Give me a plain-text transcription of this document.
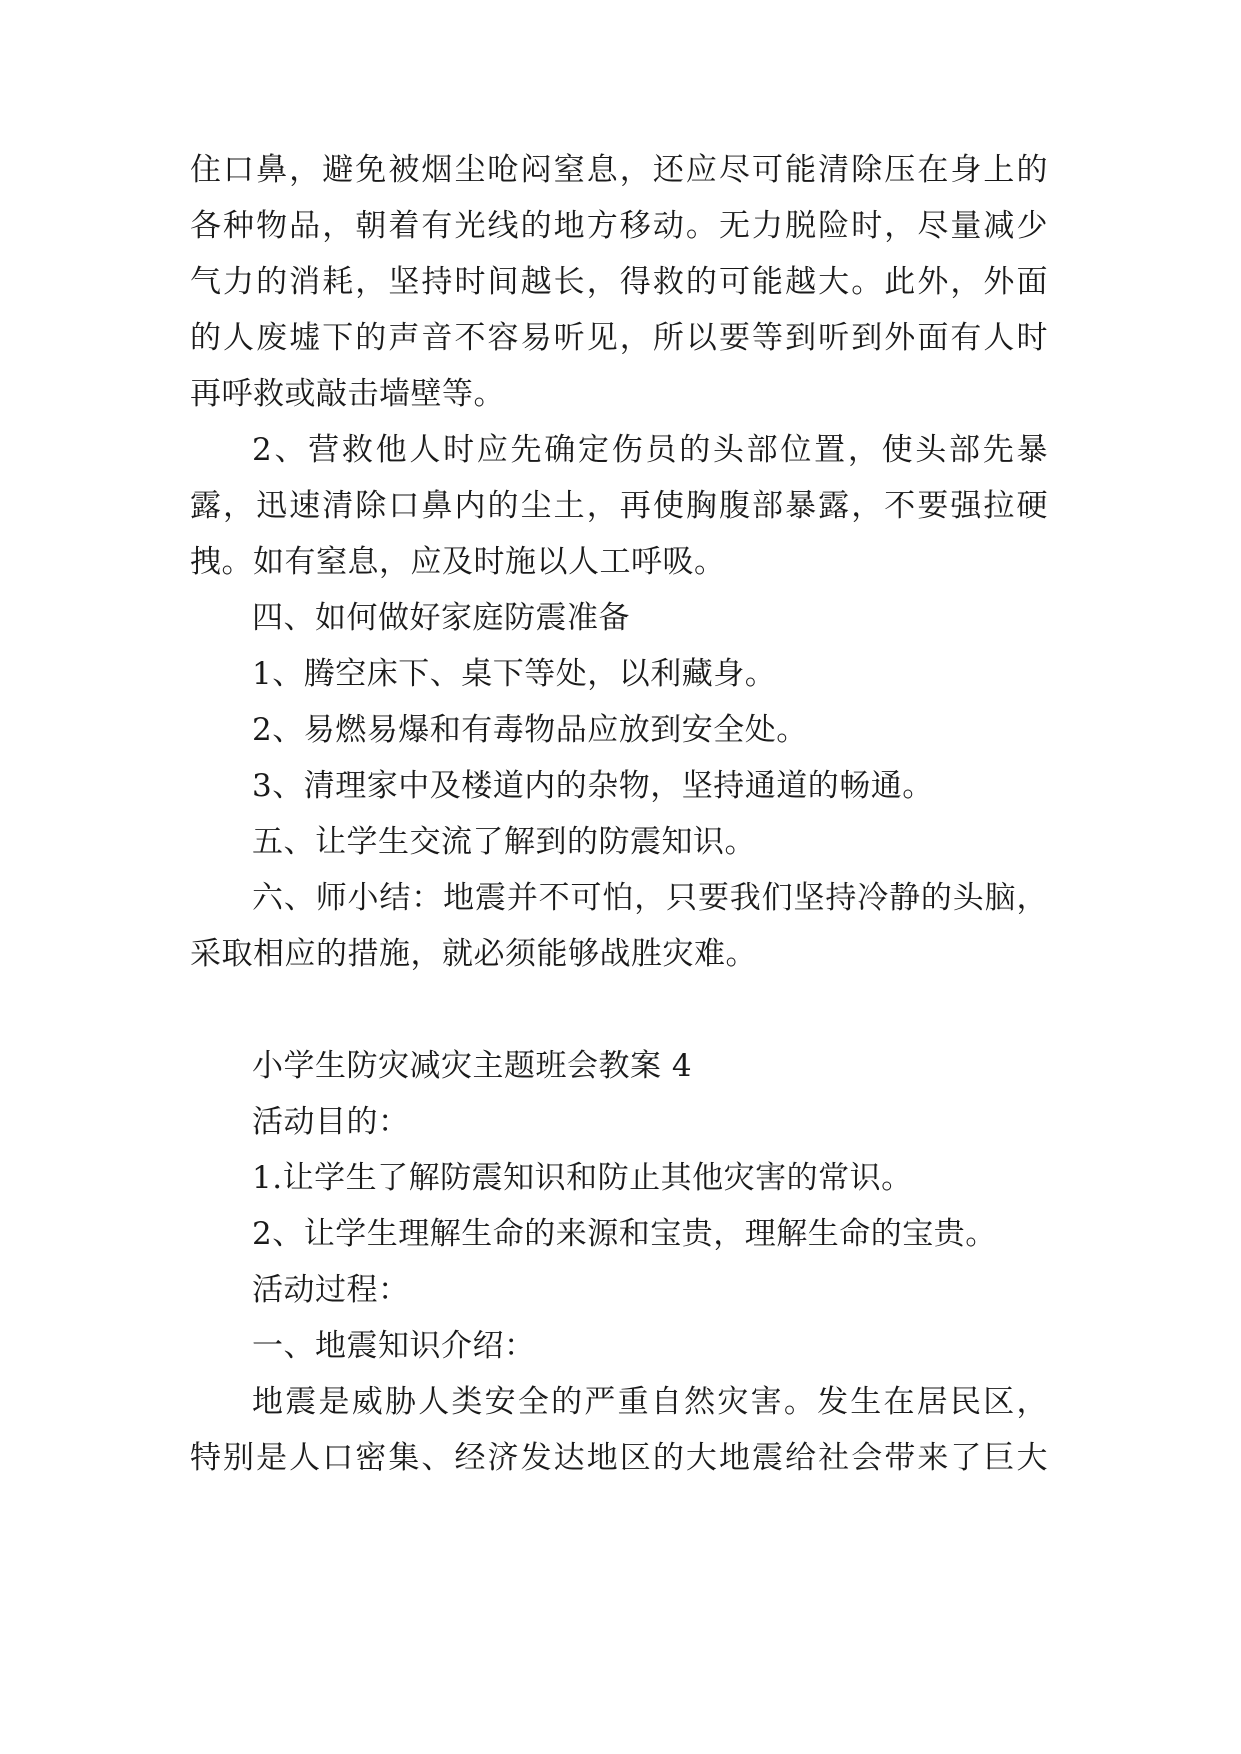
住口鼻，避免被烟尘呛闷窒息，还应尽可能清除压在身上的
各种物品，朝着有光线的地方移动。无力脱险时，尽量减少
气力的消耗，坚持时间越长，得救的可能越大。此外，外面
的人废墟下的声音不容易听见，所以要等到听到外面有人时
再呼救或敲击墙壁等。
2、营救他人时应先确定伤员的头部位置，使头部先暴
露，迅速清除口鼻内的尘土，再使胸腹部暴露，不要强拉硬
拽。如有窒息，应及时施以人工呼吸。
四、如何做好家庭防震准备
1、腾空床下、桌下等处，以利藏身。
2、易燃易爆和有毒物品应放到安全处。
3、清理家中及楼道内的杂物，坚持通道的畅通。
五、让学生交流了解到的防震知识。
六、师小结：地震并不可怕，只要我们坚持冷静的头脑，
采取相应的措施，就必须能够战胜灾难。
小学生防灾减灾主题班会教案 4
活动目的：
1.让学生了解防震知识和防止其他灾害的常识。
2、让学生理解生命的来源和宝贵，理解生命的宝贵。
活动过程：
一、地震知识介绍：
地震是威胁人类安全的严重自然灾害。发生在居民区，
特别是人口密集、经济发达地区的大地震给社会带来了巨大
